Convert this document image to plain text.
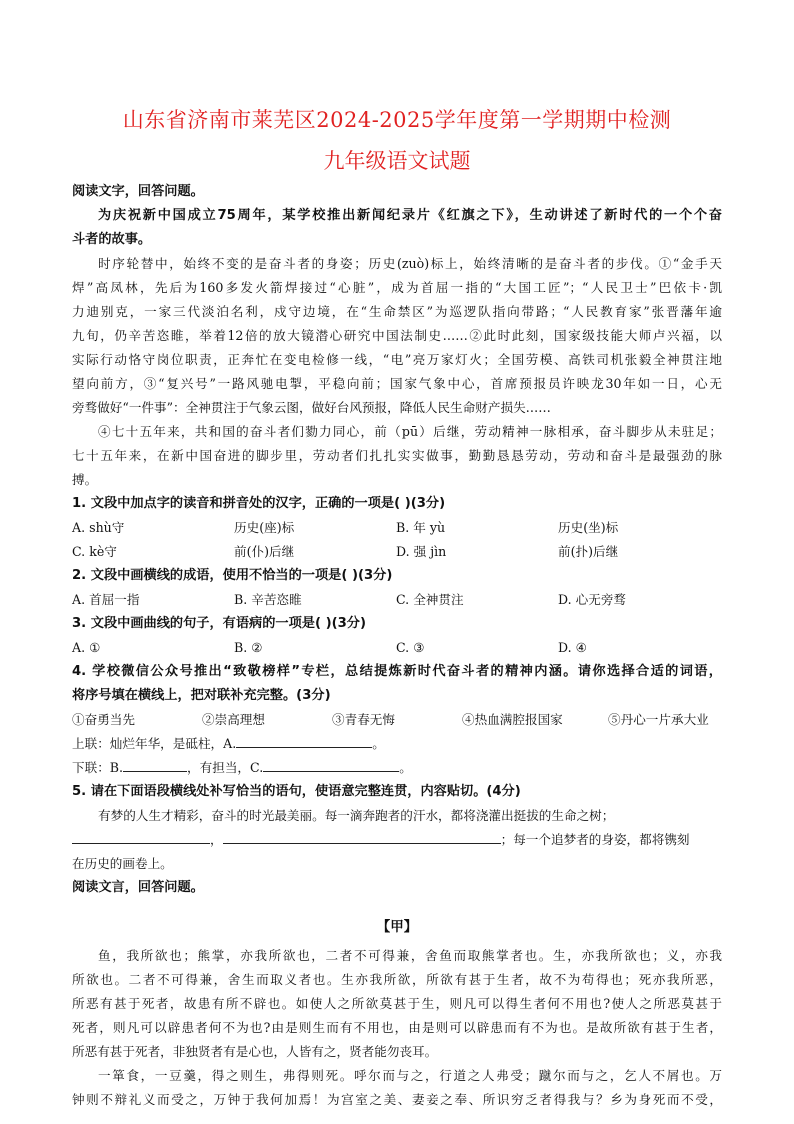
山东省济南市莱芜区2024-2025学年度第一学期期中检测
九年级语文试题
阅读文字，回答问题。
为庆祝新中国成立75周年，某学校推出新闻纪录片《红旗之下》，生动讲述了新时代的一个个奋
斗者的故事。
时序轮替中，始终不变的是奋斗者的身姿；历史(zuò)标上，始终清晰的是奋斗者的步伐。①“金手天
焊”高凤林，先后为160多发火箭焊接过“心脏”，成为首屈一指的“大国工匠”；“人民卫士”巴依卡·凯
力迪别克，一家三代淡泊名利，戍守边境，在“生命禁区”为巡逻队指向带路；“人民教育家”张晋藩年逾
九旬，仍辛苦恣睢，举着12倍的放大镜潜心研究中国法制史……②此时此刻，国家级技能大师卢兴福，以
实际行动恪守岗位职责，正奔忙在变电检修一线，“电”亮万家灯火；全国劳模、高铁司机张毅全神贯注地
望向前方，③“复兴号”一路风驰电掣，平稳向前；国家气象中心，首席预报员许映龙30年如一日，心无
旁骛做好“一件事”：全神贯注于气象云图，做好台风预报，降低人民生命财产损失……
④七十五年来，共和国的奋斗者们勠力同心，前（pū）后继，劳动精神一脉相承，奋斗脚步从未驻足；
七十五年来，在新中国奋进的脚步里，劳动者们扎扎实实做事，勤勤恳恳劳动，劳动和奋斗是最强劲的脉
搏。
1. 文段中加点字的读音和拼音处的汉字，正确的一项是( )(3分)
A. shù守	历史(座)标	B. 年 yù	历史(坐)标
C. kè守	前(仆)后继	D. 强 jìn	前(扑)后继
2. 文段中画横线的成语，使用不恰当的一项是( )(3分)
A. 首屈一指	B. 辛苦恣睢	C. 全神贯注	D. 心无旁骛
3. 文段中画曲线的句子，有语病的一项是( )(3分)
A. ①	B. ②	C. ③	D. ④
4. 学校微信公众号推出“致敬榜样”专栏，总结提炼新时代奋斗者的精神内涵。请你选择合适的词语，
将序号填在横线上，把对联补充完整。(3分)
①奋勇当先	②崇高理想	③青春无悔	④热血满腔报国家	⑤丹心一片承大业
上联：灿烂年华，是砥柱，A.	。
下联：B.	，有担当，C.	。
5. 请在下面语段横线处补写恰当的语句，使语意完整连贯，内容贴切。(4分)
有梦的人生才精彩，奋斗的时光最美丽。每一滴奔跑者的汗水，都将浇灌出挺拔的生命之树；
，	；每一个追梦者的身姿，都将镌刻
在历史的画卷上。
阅读文言，回答问题。
【甲】
鱼，我所欲也；熊掌，亦我所欲也，二者不可得兼，舍鱼而取熊掌者也。生，亦我所欲也；义，亦我
所欲也。二者不可得兼，舍生而取义者也。生亦我所欲，所欲有甚于生者，故不为苟得也；死亦我所恶，
所恶有甚于死者，故患有所不辟也。如使人之所欲莫甚于生，则凡可以得生者何不用也?使人之所恶莫甚于
死者，则凡可以辟患者何不为也?由是则生而有不用也，由是则可以辟患而有不为也。是故所欲有甚于生者，
所恶有甚于死者，非独贤者有是心也，人皆有之，贤者能勿丧耳。
一箪食，一豆羹，得之则生，弗得则死。呼尔而与之，行道之人弗受；蹴尔而与之，乞人不屑也。万
钟则不辩礼义而受之，万钟于我何加焉！为宫室之美、妻妾之奉、所识穷乏者得我与？乡为身死而不受，
